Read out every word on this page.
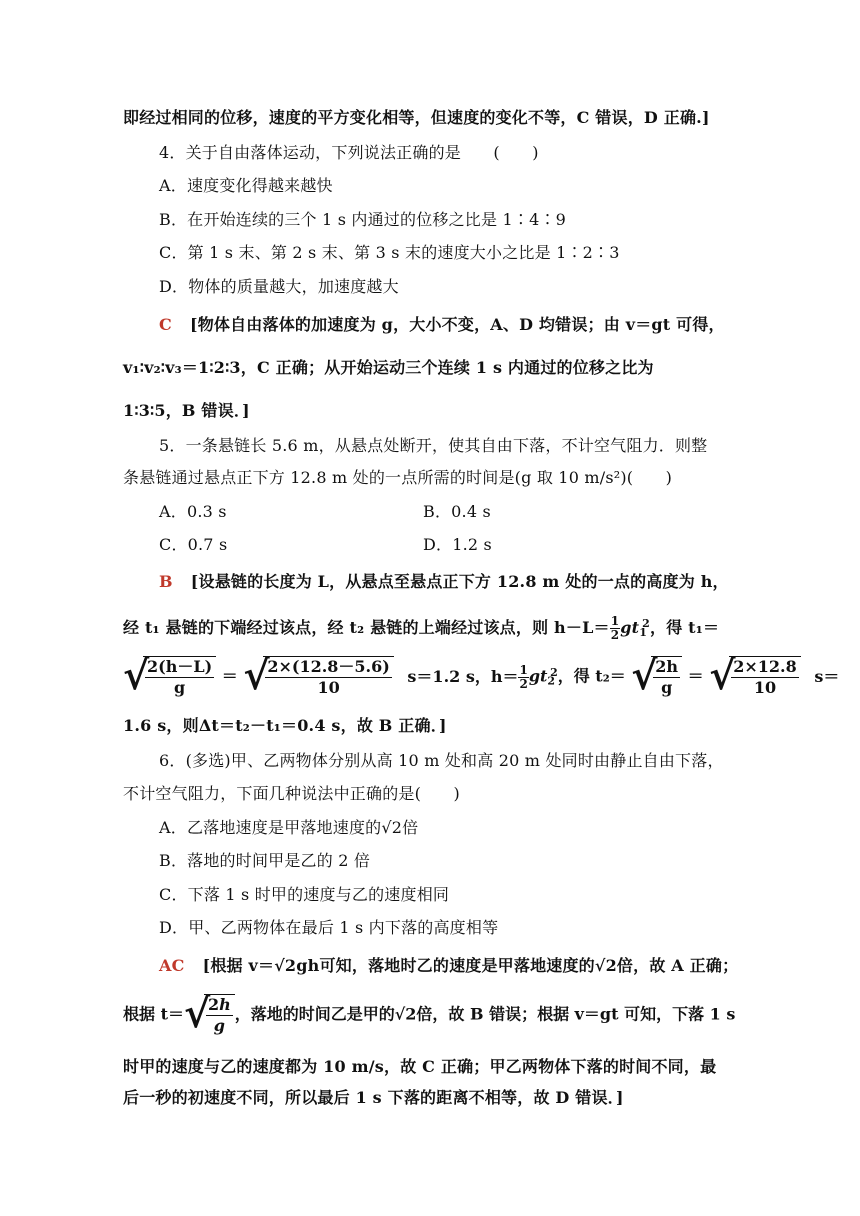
即经过相同的位移，速度的平方变化相等，但速度的变化不等，C 错误，D 正确.]
4．关于自由落体运动，下列说法正确的是　　(　　)
A．速度变化得越来越快
B．在开始连续的三个 1 s 内通过的位移之比是 1∶4∶9
C．第 1 s 末、第 2 s 末、第 3 s 末的速度大小之比是 1∶2∶3
D．物体的质量越大，加速度越大
C [物体自由落体的加速度为 g，大小不变，A、D 均错误；由 v＝gt 可得，
v₁∶v₂∶v₃＝1∶2∶3，C 正确；从开始运动三个连续 1 s 内通过的位移之比为
1∶3∶5，B 错误．]
5．一条悬链长 5.6 m，从悬点处断开，使其自由下落，不计空气阻力．则整
条悬链通过悬点正下方 12.8 m 处的一点所需的时间是(g 取 10 m/s²)(　　)
A．0.3 s	B．0.4 s
C．0.7 s	D．1.2 s
B [设悬链的长度为 L，从悬点至悬点正下方 12.8 m 处的一点的高度为 h，
经 t₁ 悬链的下端经过该点，经 t₂ 悬链的上端经过该点，则 $h-L= \frac{1}{2} gt_1^2$，得 t₁＝
√
$\frac{2(h-L)}{g}$ ＝ √
$\frac{2\times(12.8-5.6)}{10} s=1.2$ s，$h= \frac{1}{2} gt_2^2$，得 t₂＝ √
$\frac{2h}{g}$ ＝ √
$\frac{2\times 12.8}{10} s=$
1.6 s，则Δt＝t₂－t₁＝0.4 s，故 B 正确．]
6．(多选)甲、乙两物体分别从高 10 m 处和高 20 m 处同时由静止自由下落，
不计空气阻力，下面几种说法中正确的是(　　)
A．乙落地速度是甲落地速度的√2倍
B．落地的时间甲是乙的 2 倍
C．下落 1 s 时甲的速度与乙的速度相同
D．甲、乙两物体在最后 1 s 内下落的高度相等
AC [根据 v＝√2gh可知，落地时乙的速度是甲落地速度的√2倍，故 A 正确；
根据 t＝ √
$\frac{2h}{g}$ ，落地的时间乙是甲的√2倍，故 B 错误；根据 v＝gt 可知，下落 1 s
时甲的速度与乙的速度都为 10 m/s，故 C 正确；甲乙两物体下落的时间不同，最
后一秒的初速度不同，所以最后 1 s 下落的距离不相等，故 D 错误．]
